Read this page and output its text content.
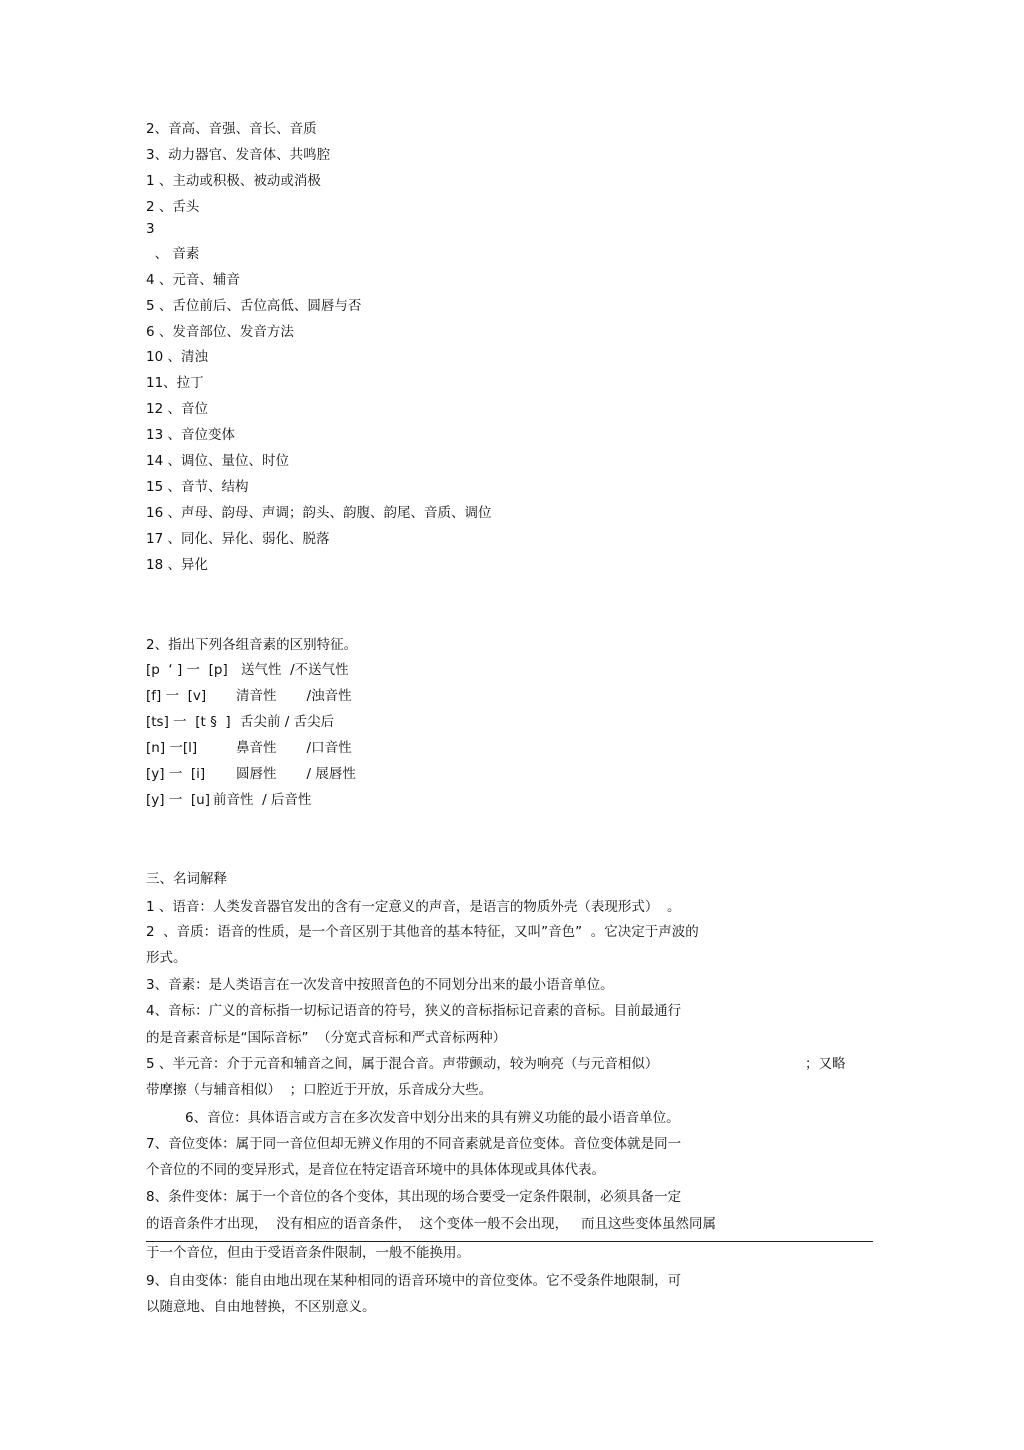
2、音高、音强、音长、音质
3、动力器官、发音体、共鸣腔
1 、主动或积极、被动或消极
2 、舌头
3
、 音素
4 、元音、辅音
5 、舌位前后、舌位高低、圆唇与否
6 、发音部位、发音方法
10 、清浊
11、拉丁
12 、音位
13 、音位变体
14 、调位、量位、时位
15 、音节、结构
16 、声母、韵母、声调；韵头、韵腹、韵尾、音质、调位
17 、同化、异化、弱化、脱落
18 、异化
2、指出下列各组音素的区别特征。
[p  ‘ ] 一  [p] 送气性  /不送气性
[f] 一  [v] 清音性       /浊音性
[ts] 一  [t §  ] 舌尖前 / 舌尖后
[n] 一[l]	鼻音性       /口音性
[y] 一  [i] 圆唇性       / 展唇性
[y] 一  [u] 前音性  / 后音性
三、名词解释
1 、语音：人类发音器官发出的含有一定意义的声音，是语言的物质外壳（表现形式）  。
2  、音质：语音的性质，是一个音区别于其他音的基本特征，又叫”音色”  。它决定于声波的
形式。
3、音素：是人类语言在一次发音中按照音色的不同划分出来的最小语音单位。
4、音标：广义的音标指一切标记语音的符号，狭义的音标指标记音素的音标。目前最通行
的是音素音标是“国际音标”  （分宽式音标和严式音标两种）
5 、半元音：介于元音和辅音之间，属于混合音。声带颤动，较为响亮（与元音相似）	；又略
带摩擦（与辅音相似）  ；口腔近于开放，乐音成分大些。
6、音位：具体语言或方言在多次发音中划分出来的具有辨义功能的最小语音单位。
7、音位变体：属于同一音位但却无辨义作用的不同音素就是音位变体。音位变体就是同一
个音位的不同的变异形式，是音位在特定语音环境中的具体体现或具体代表。
8、条件变体：属于一个音位的各个变体，其出现的场合要受一定条件限制，必须具备一定
的语音条件才出现，  没有相应的语音条件，  这个变体一般不会出现，   而且这些变体虽然同属
于一个音位，但由于受语音条件限制，一般不能换用。
9、自由变体：能自由地出现在某种相同的语音环境中的音位变体。它不受条件地限制，可
以随意地、自由地替换，不区别意义。
